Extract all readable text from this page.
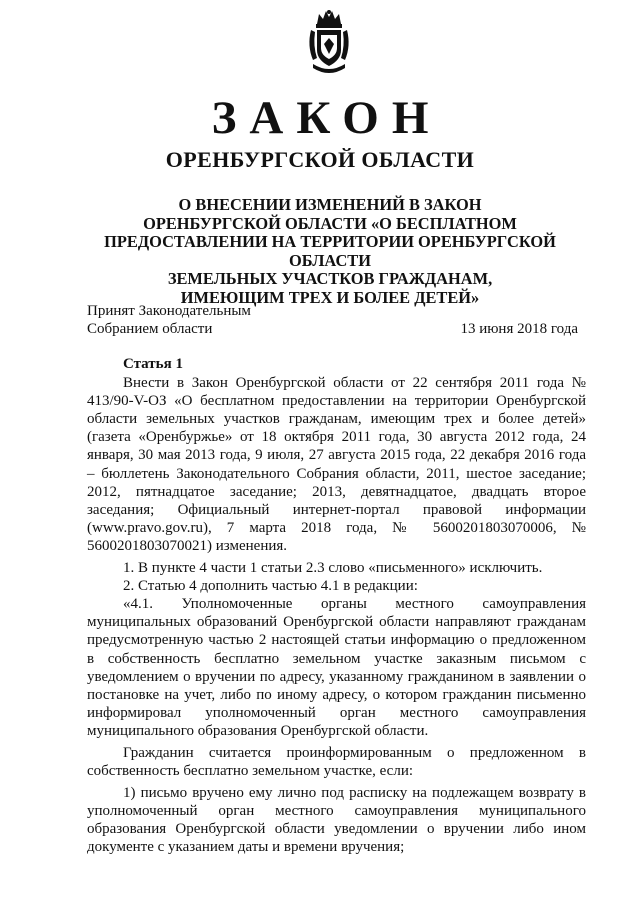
ЗАКОН
ОРЕНБУРГСКОЙ ОБЛАСТИ
О ВНЕСЕНИИ ИЗМЕНЕНИЙ В ЗАКОН
ОРЕНБУРГСКОЙ ОБЛАСТИ «О БЕСПЛАТНОМ
ПРЕДОСТАВЛЕНИИ НА ТЕРРИТОРИИ ОРЕНБУРГСКОЙ ОБЛАСТИ
ЗЕМЕЛЬНЫХ УЧАСТКОВ ГРАЖДАНАМ,
ИМЕЮЩИМ ТРЕХ И БОЛЕЕ ДЕТЕЙ»
Принят Законодательным
Собранием области	13 июня 2018 года

Статья 1

Внести в Закон Оренбургской области от 22 сентября 2011 года № 413/90-V-ОЗ «О бесплатном предоставлении на территории Оренбургской области земельных участков гражданам, имеющим трех и более детей» (газета «Оренбуржье» от 18 октября 2011 года, 30 августа 2012 года, 24 января, 30 мая 2013 года, 9 июля, 27 августа 2015 года, 22 декабря 2016 года – бюллетень Законодательного Собрания области, 2011, шестое заседание; 2012, пятнадцатое заседание; 2013, девятнадцатое, двадцать второе заседания; Официальный интернет-портал правовой информации (www.pravo.gov.ru), 7 марта 2018 года, № 5600201803070006, № 5600201803070021) изменения.

1. В пункте 4 части 1 статьи 2.3 слово «письменного» исключить.

2. Статью 4 дополнить частью 4.1 в редакции:

«4.1. Уполномоченные органы местного самоуправления муниципальных образований Оренбургской области направляют гражданам предусмотренную частью 2 настоящей статьи информацию о предложенном в собственность бесплатно земельном участке заказным письмом с уведомлением о вручении по адресу, указанному гражданином в заявлении о постановке на учет, либо по иному адресу, о котором гражданин письменно информировал уполномоченный орган местного самоуправления муниципального образования Оренбургской области.

Гражданин считается проинформированным о предложенном в собственность бесплатно земельном участке, если:

1) письмо вручено ему лично под расписку на подлежащем возврату в уполномоченный орган местного самоуправления муниципального образования Оренбургской области уведомлении о вручении либо ином документе с указанием даты и времени вручения;
